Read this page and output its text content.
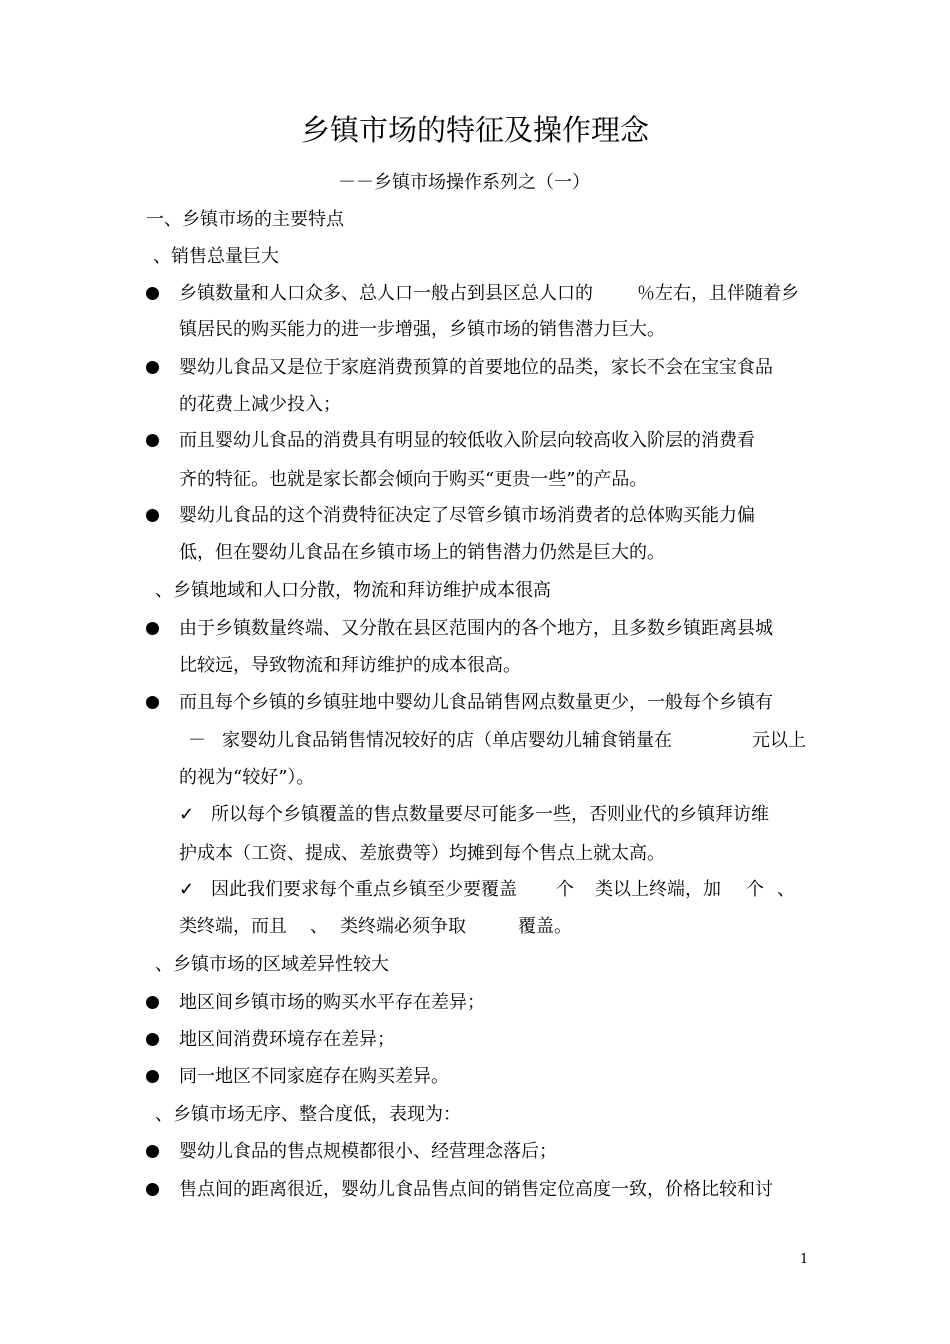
乡镇市场的特征及操作理念
－－乡镇市场操作系列之（一）
一、乡镇市场的主要特点
、销售总量巨大
乡镇数量和人口众多、总人口一般占到县区总人口的 ％左右，且伴随着乡
镇居民的购买能力的进一步增强，乡镇市场的销售潜力巨大。
婴幼儿食品又是位于家庭消费预算的首要地位的品类，家长不会在宝宝食品
的花费上减少投入；
而且婴幼儿食品的消费具有明显的较低收入阶层向较高收入阶层的消费看
齐的特征。也就是家长都会倾向于购买“更贵一些”的产品。
婴幼儿食品的这个消费特征决定了尽管乡镇市场消费者的总体购买能力偏
低，但在婴幼儿食品在乡镇市场上的销售潜力仍然是巨大的。
、乡镇地域和人口分散，物流和拜访维护成本很高
由于乡镇数量终端、又分散在县区范围内的各个地方，且多数乡镇距离县城
比较远，导致物流和拜访维护的成本很高。
而且每个乡镇的乡镇驻地中婴幼儿食品销售网点数量更少，一般每个乡镇有
－ 家婴幼儿食品销售情况较好的店（单店婴幼儿辅食销量在	元以上
的视为“较好”）。
✓ 所以每个乡镇覆盖的售点数量要尽可能多一些，否则业代的乡镇拜访维
护成本（工资、提成、差旅费等）均摊到每个售点上就太高。
✓ 因此我们要求每个重点乡镇至少要覆盖 个 类以上终端，加 个 、
类终端，而且 、 类终端必须争取	覆盖。
、乡镇市场的区域差异性较大
地区间乡镇市场的购买水平存在差异；
地区间消费环境存在差异；
同一地区不同家庭存在购买差异。
、乡镇市场无序、整合度低，表现为：
婴幼儿食品的售点规模都很小、经营理念落后；
售点间的距离很近，婴幼儿食品售点间的销售定位高度一致，价格比较和讨
1
